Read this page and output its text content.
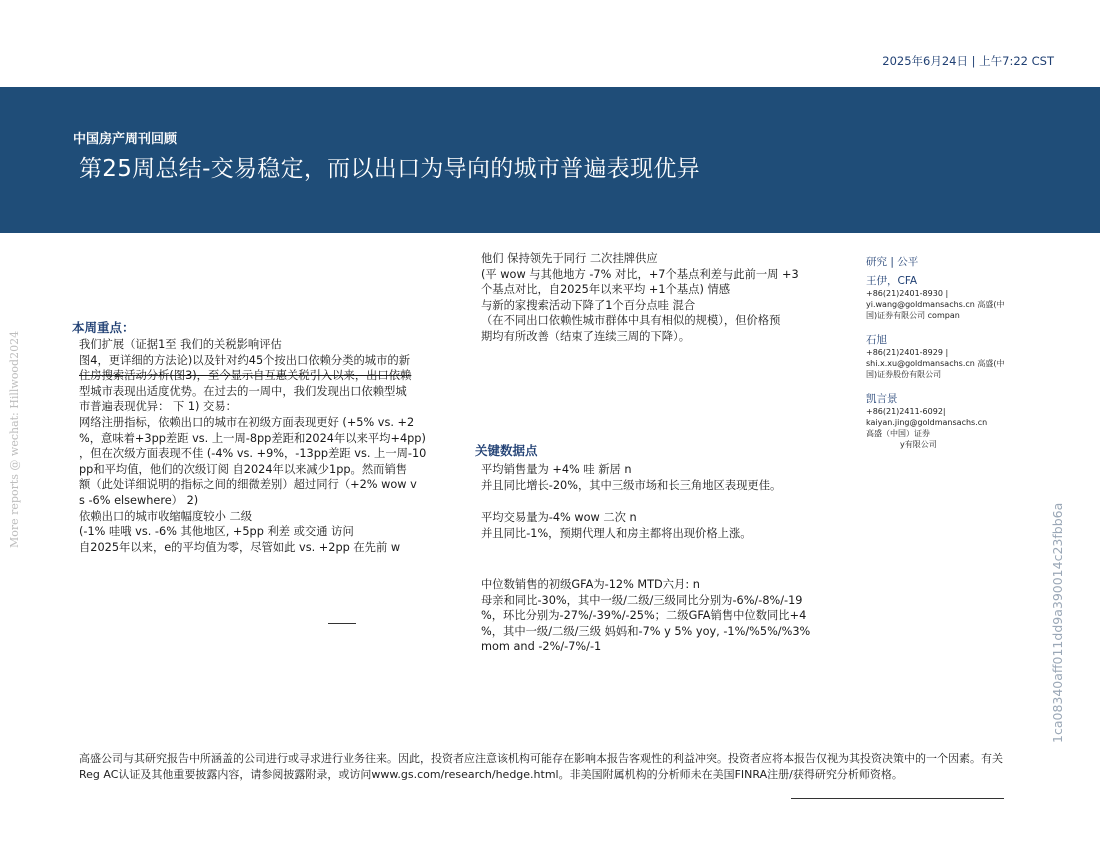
2025年6月24日 | 上午7:22 CST
中国房产周刊回顾
第25周总结-交易稳定，而以出口为导向的城市普遍表现优异
More reports @ wechat: Hillwood2024
1ca08340aff011dd9a390014c23fbb6a
本周重点：
我们扩展（证据1至 我们的关税影响评估
图4，更详细的方法论)以及针对约45个按出口依赖分类的城市的新
住房搜索活动分析(图3)，至今显示自互惠关税引入以来，出口依赖
型城市表现出适度优势。在过去的一周中，我们发现出口依赖型城
市普遍表现优异： 下 1) 交易：
网络注册指标，依赖出口的城市在初级方面表现更好 (+5% vs. +2
%，意味着+3pp差距 vs. 上一周-8pp差距和2024年以来平均+4pp)
，但在次级方面表现不佳 (-4% vs. +9%，-13pp差距 vs. 上一周-10
pp和平均值，他们的次级订阅 自2024年以来减少1pp。然而销售
额（此处详细说明的指标之间的细微差别）超过同行（+2% wow v
s -6% elsewhere） 2)
依赖出口的城市收缩幅度较小 二级
(-1% 哇哦 vs. -6% 其他地区, +5pp 利差 或交通 访问
自2025年以来，e的平均值为零，尽管如此 vs. +2pp 在先前 w
他们 保持领先于同行 二次挂牌供应
(平 wow 与其他地方 -7% 对比，+7个基点利差与此前一周 +3
个基点对比，自2025年以来平均 +1个基点) 情感
与新的家搜索活动下降了1个百分点哇 混合
（在不同出口依赖性城市群体中具有相似的规模），但价格预
期均有所改善（结束了连续三周的下降）。
关键数据点
平均销售量为 +4% 哇 新居 n
并且同比增长-20%，其中三级市场和长三角地区表现更佳。
平均交易量为-4% wow 二次 n
并且同比-1%，预期代理人和房主都将出现价格上涨。
中位数销售的初级GFA为-12% MTD六月: n
母亲和同比-30%，其中一级/二级/三级同比分别为-6%/-8%/-19
%，环比分别为-27%/-39%/-25%；二级GFA销售中位数同比+4
%，其中一级/二级/三级 妈妈和-7% y 5% yoy, -1%/%5%/%3%
mom and -2%/-7%/-1
研究 | 公平
王伊，CFA
+86(21)2401-8930 |
yi.wang@goldmansachs.cn 高盛(中
国)证券有限公司 compan
石旭
+86(21)2401-8929 |
shi.x.xu@goldmansachs.cn 高盛(中
国)证券股份有限公司
凯言景
+86(21)2411-6092|
kaiyan.jing@goldmansachs.cn
高盛（中国）证券
y有限公司
高盛公司与其研究报告中所涵盖的公司进行或寻求进行业务往来。因此，投资者应注意该机构可能存在影响本报告客观性的利益冲突。投资者应将本报告仅视为其投资决策中的一个因素。有关Reg AC认证及其他重要披露内容，请参阅披露附录，或访问www.gs.com/research/hedge.html。非美国附属机构的分析师未在美国FINRA注册/获得研究分析师资格。
